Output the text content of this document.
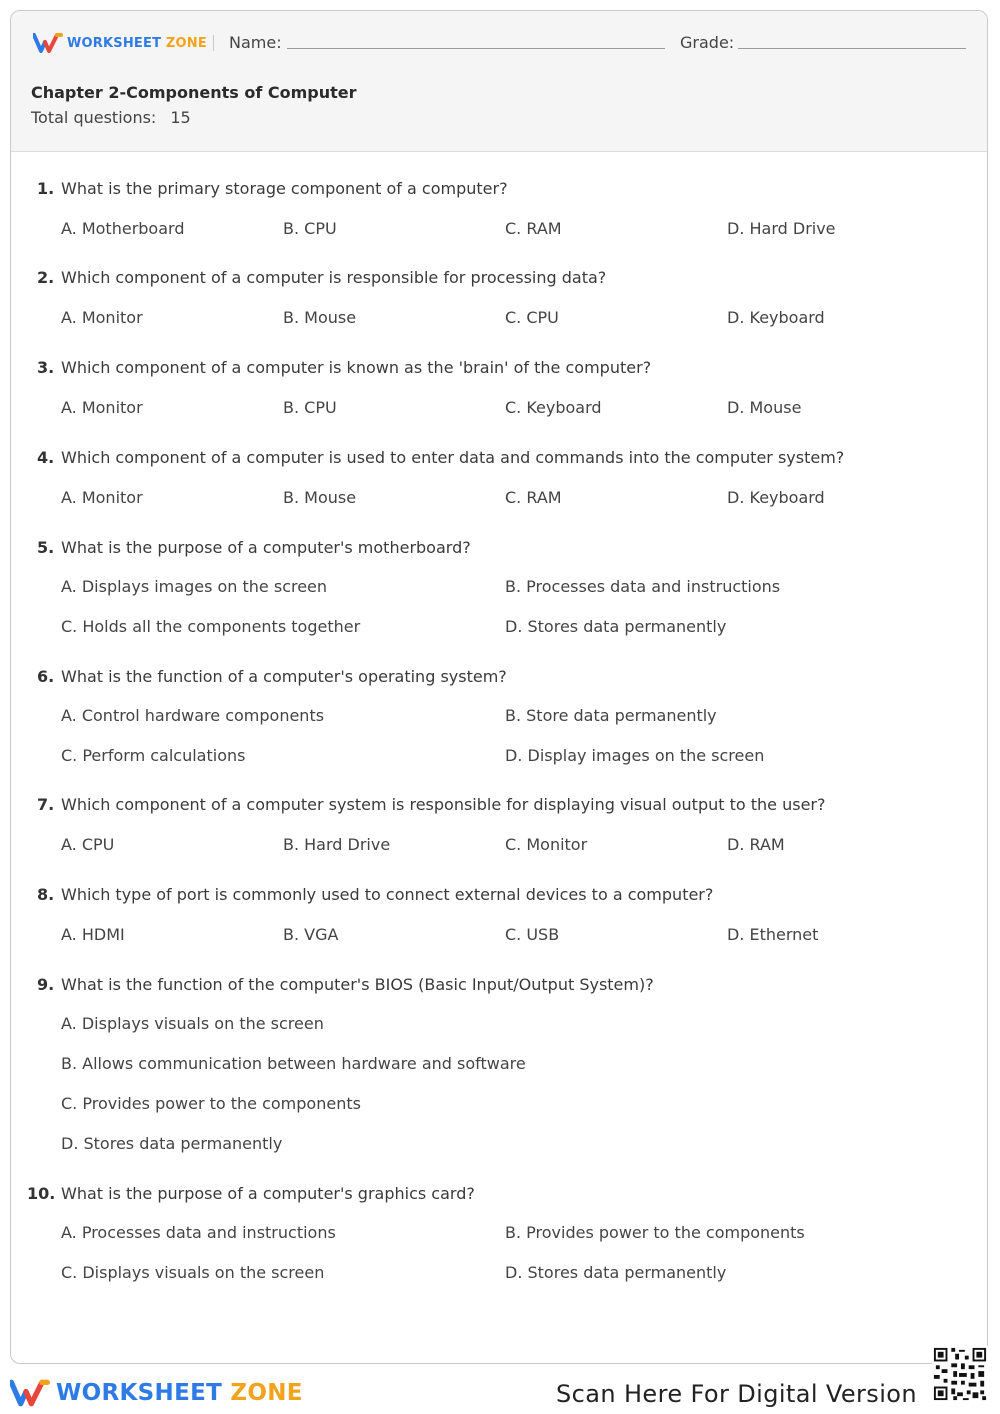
WORKSHEET ZONE Name:	Grade:
Chapter 2-Components of Computer
Total questions: 15
1. What is the primary storage component of a computer?
A. Motherboard	B. CPU	C. RAM	D. Hard Drive
2. Which component of a computer is responsible for processing data?
A. Monitor	B. Mouse	C. CPU	D. Keyboard
3. Which component of a computer is known as the 'brain' of the computer?
A. Monitor	B. CPU	C. Keyboard	D. Mouse
4. Which component of a computer is used to enter data and commands into the computer system?
A. Monitor	B. Mouse	C. RAM	D. Keyboard
5. What is the purpose of a computer's motherboard?
A. Displays images on the screen	B. Processes data and instructions
C. Holds all the components together	D. Stores data permanently
6. What is the function of a computer's operating system?
A. Control hardware components	B. Store data permanently
C. Perform calculations	D. Display images on the screen
7. Which component of a computer system is responsible for displaying visual output to the user?
A. CPU	B. Hard Drive	C. Monitor	D. RAM
8. Which type of port is commonly used to connect external devices to a computer?
A. HDMI	B. VGA	C. USB	D. Ethernet
9. What is the function of the computer's BIOS (Basic Input/Output System)?
A. Displays visuals on the screen
B. Allows communication between hardware and software
C. Provides power to the components
D. Stores data permanently
10. What is the purpose of a computer's graphics card?
A. Processes data and instructions	B. Provides power to the components
C. Displays visuals on the screen	D. Stores data permanently
WORKSHEET ZONE	Scan Here For Digital Version
